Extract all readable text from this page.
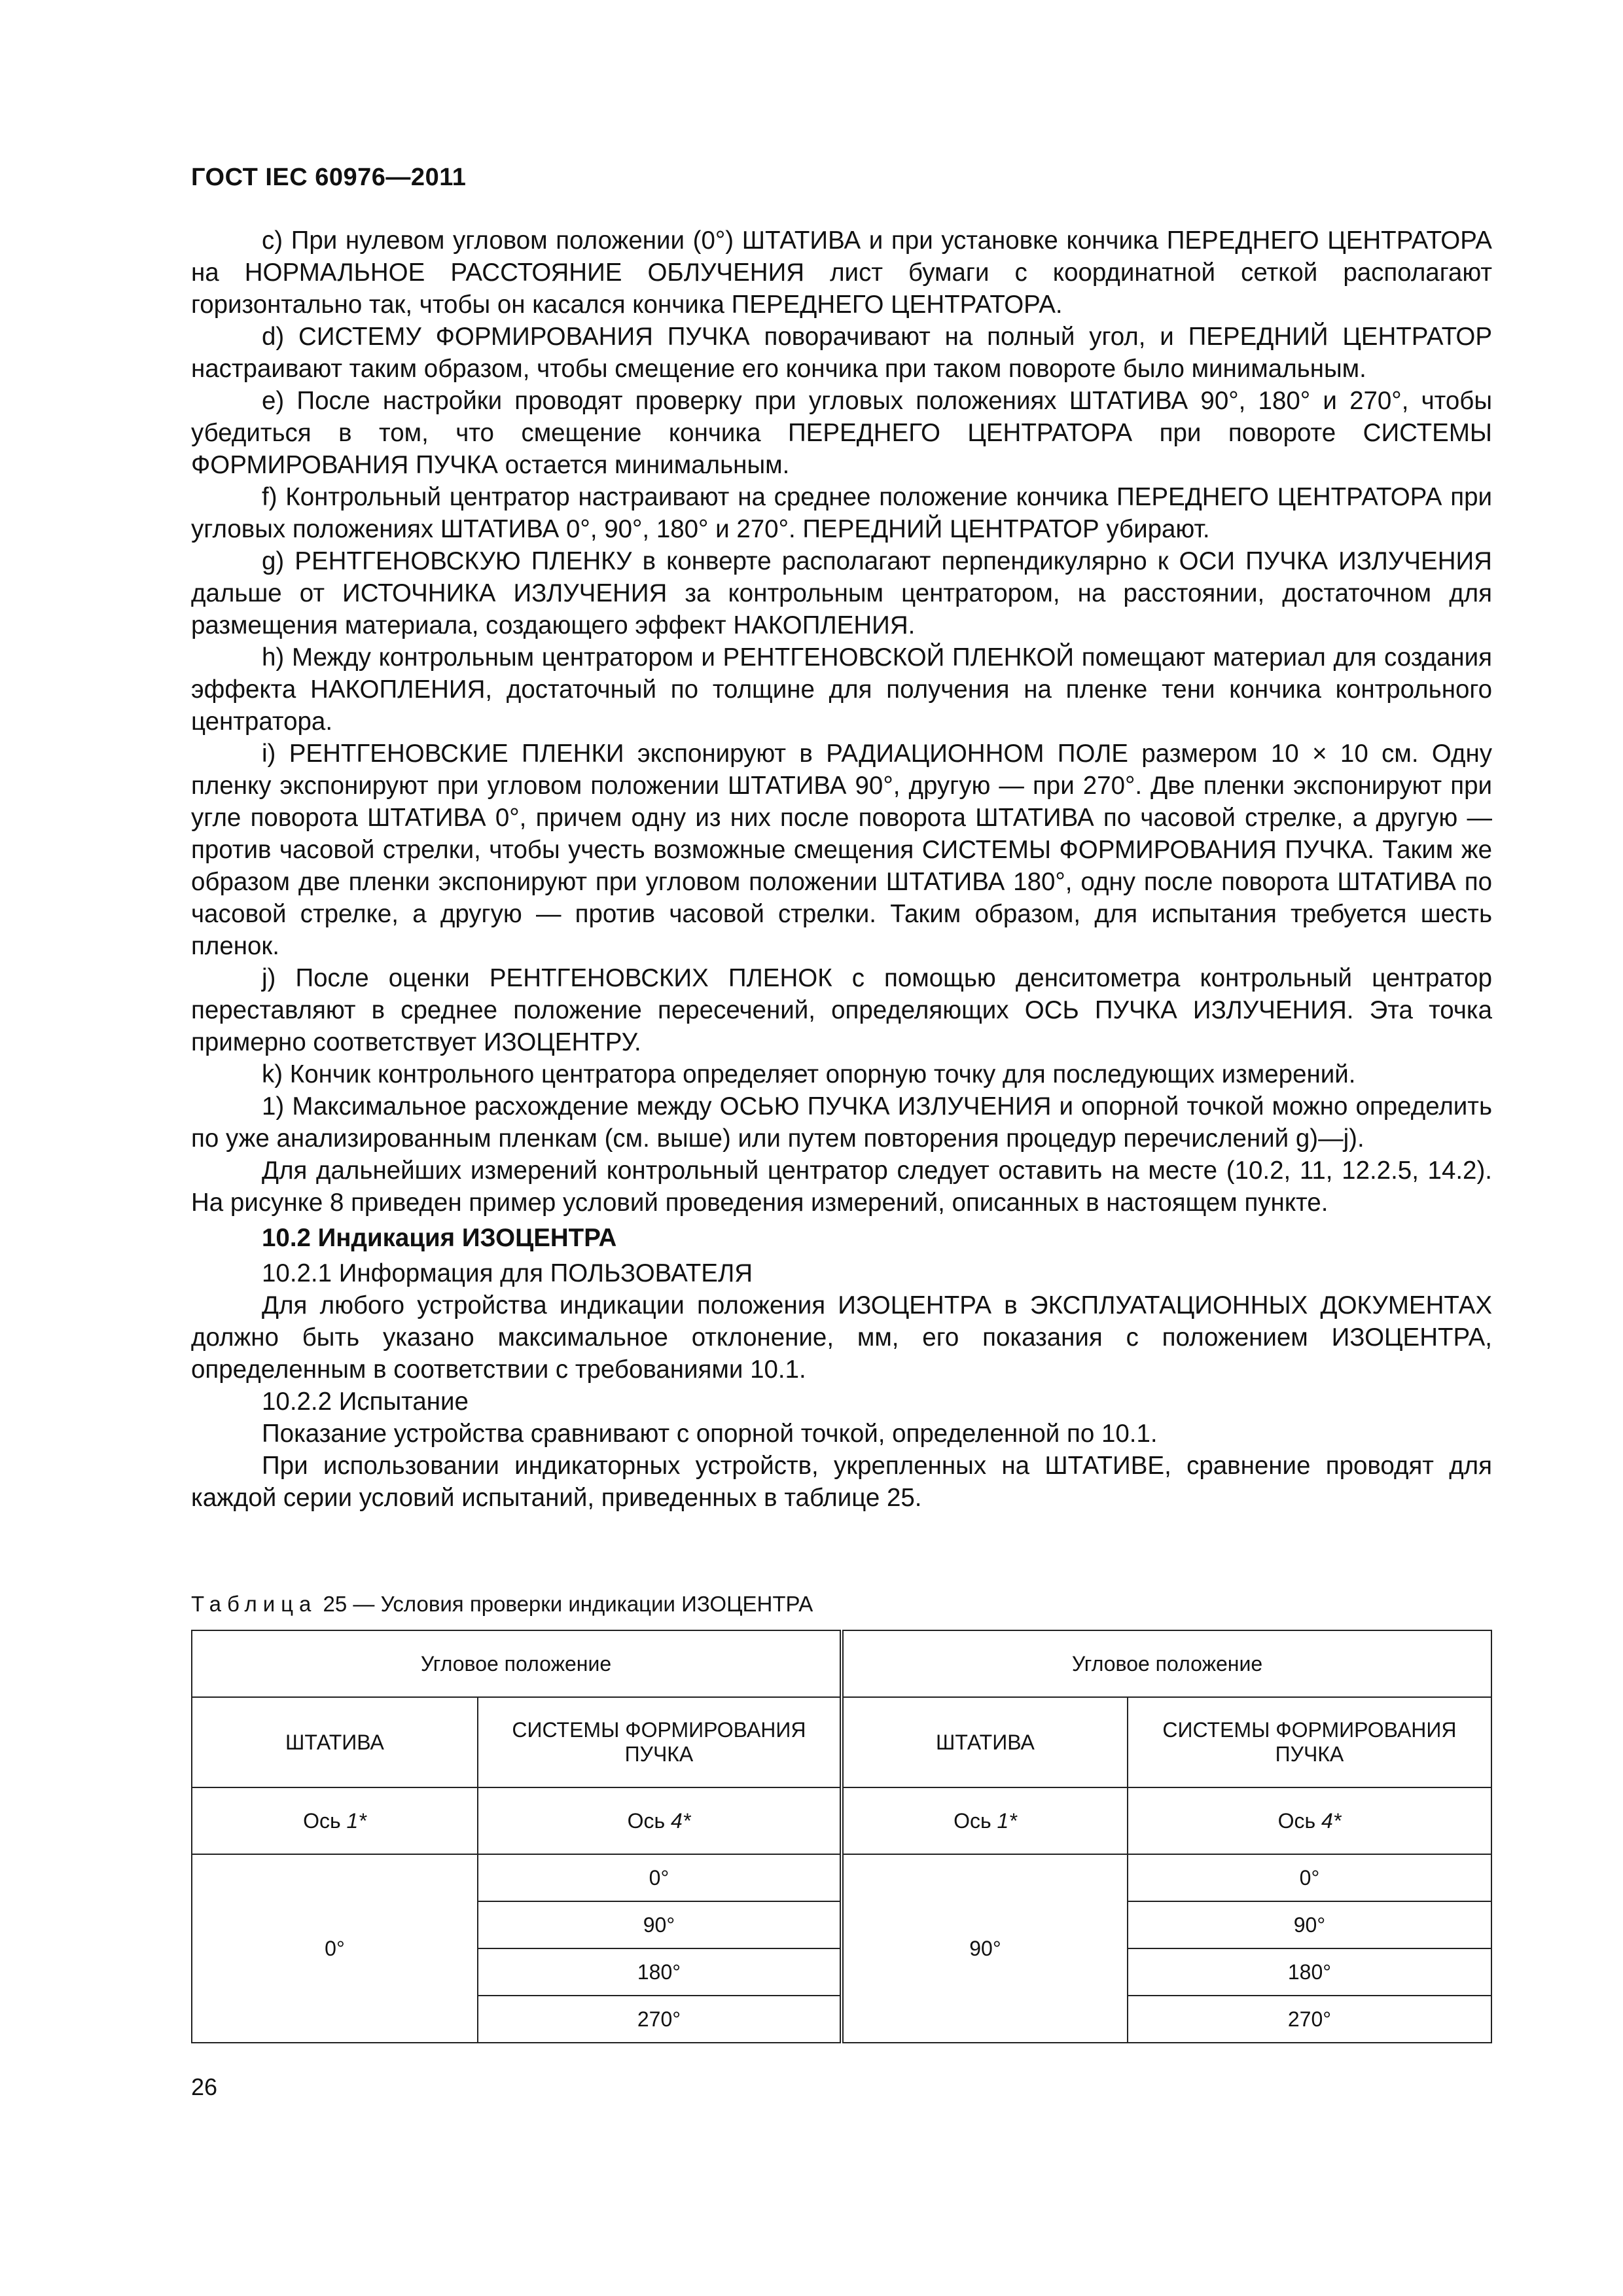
ГОСТ IEC 60976—2011

c) При нулевом угловом положении (0°) ШТАТИВА и при установке кончика ПЕРЕДНЕГО ЦЕНТРАТОРА на НОРМАЛЬНОЕ РАССТОЯНИЕ ОБЛУЧЕНИЯ лист бумаги с координатной сеткой располагают горизонтально так, чтобы он касался кончика ПЕРЕДНЕГО ЦЕНТРАТОРА.

d) СИСТЕМУ ФОРМИРОВАНИЯ ПУЧКА поворачивают на полный угол, и ПЕРЕДНИЙ ЦЕНТРАТОР настраивают таким образом, чтобы смещение его кончика при таком повороте было минимальным.

e) После настройки проводят проверку при угловых положениях ШТАТИВА 90°, 180° и 270°, чтобы убедиться в том, что смещение кончика ПЕРЕДНЕГО ЦЕНТРАТОРА при повороте СИСТЕМЫ ФОРМИРОВАНИЯ ПУЧКА остается минимальным.

f) Контрольный центратор настраивают на среднее положение кончика ПЕРЕДНЕГО ЦЕНТРАТОРА при угловых положениях ШТАТИВА 0°, 90°, 180° и 270°. ПЕРЕДНИЙ ЦЕНТРАТОР убирают.

g) РЕНТГЕНОВСКУЮ ПЛЕНКУ в конверте располагают перпендикулярно к ОСИ ПУЧКА ИЗЛУЧЕНИЯ дальше от ИСТОЧНИКА ИЗЛУЧЕНИЯ за контрольным центратором, на расстоянии, достаточном для размещения материала, создающего эффект НАКОПЛЕНИЯ.

h) Между контрольным центратором и РЕНТГЕНОВСКОЙ ПЛЕНКОЙ помещают материал для создания эффекта НАКОПЛЕНИЯ, достаточный по толщине для получения на пленке тени кончика контрольного центратора.

i) РЕНТГЕНОВСКИЕ ПЛЕНКИ экспонируют в РАДИАЦИОННОМ ПОЛЕ размером 10 × 10 см. Одну пленку экспонируют при угловом положении ШТАТИВА 90°, другую — при 270°. Две пленки экспонируют при угле поворота ШТАТИВА 0°, причем одну из них после поворота ШТАТИВА по часовой стрелке, а другую — против часовой стрелки, чтобы учесть возможные смещения СИСТЕМЫ ФОРМИРОВАНИЯ ПУЧКА. Таким же образом две пленки экспонируют при угловом положении ШТАТИВА 180°, одну после поворота ШТАТИВА по часовой стрелке, а другую — против часовой стрелки. Таким образом, для испытания требуется шесть пленок.

j) После оценки РЕНТГЕНОВСКИХ ПЛЕНОК с помощью денситометра контрольный центратор переставляют в среднее положение пересечений, определяющих ОСЬ ПУЧКА ИЗЛУЧЕНИЯ. Эта точка примерно соответствует ИЗОЦЕНТРУ.

k) Кончик контрольного центратора определяет опорную точку для последующих измерений.

1) Максимальное расхождение между ОСЬЮ ПУЧКА ИЗЛУЧЕНИЯ и опорной точкой можно определить по уже анализированным пленкам (см. выше) или путем повторения процедур перечислений g)—j).

Для дальнейших измерений контрольный центратор следует оставить на месте (10.2, 11, 12.2.5, 14.2). На рисунке 8 приведен пример условий проведения измерений, описанных в настоящем пункте.

10.2 Индикация ИЗОЦЕНТРА

10.2.1 Информация для ПОЛЬЗОВАТЕЛЯ

Для любого устройства индикации положения ИЗОЦЕНТРА в ЭКСПЛУАТАЦИОННЫХ ДОКУМЕНТАХ должно быть указано максимальное отклонение, мм, его показания с положением ИЗОЦЕНТРА, определенным в соответствии с требованиями 10.1.

10.2.2 Испытание

Показание устройства сравнивают с опорной точкой, определенной по 10.1.

При использовании индикаторных устройств, укрепленных на ШТАТИВЕ, сравнение проводят для каждой серии условий испытаний, приведенных в таблице 25.

Таблица 25 — Условия проверки индикации ИЗОЦЕНТРА
Угловое положение		Угловое положение	
ШТАТИВА	СИСТЕМЫ ФОРМИРОВАНИЯ ПУЧКА	ШТАТИВА	СИСТЕМЫ ФОРМИРОВАНИЯ ПУЧКА
Ось 1*	Ось 4*	Ось 1*	Ось 4*
0°	0°	90°	0°
	90°		90°
	180°		180°
	270°		270°
26
